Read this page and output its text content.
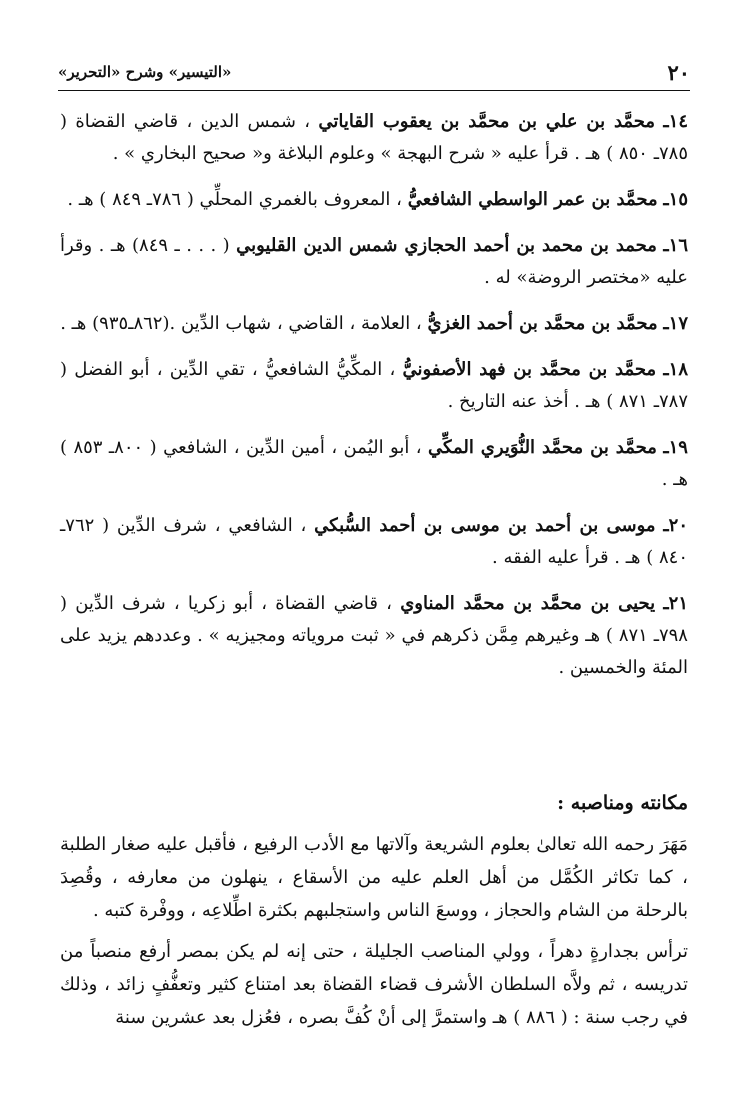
٢٠
«التيسير» وشرح «التحرير»

١٤ـ محمَّد بن علي بن محمَّد بن يعقوب القاياتي ، شمس الدين ، قاضي القضاة ( ٧٨٥ـ ٨٥٠ ) هـ . قرأ عليه « شرح البهجة » وعلوم البلاغة و« صحيح البخاري » .

١٥ـ محمَّد بن عمر الواسطي الشافعيُّ ، المعروف بالغمري المحلِّي ( ٧٨٦ـ ٨٤٩ ) هـ .

١٦ـ محمد بن محمد بن أحمد الحجازي شمس الدين القليوبي ( . . . ـ ٨٤٩) هـ . وقرأ عليه «مختصر الروضة» له .

١٧ـ محمَّد بن محمَّد بن أحمد الغزيُّ ، العلامة ، القاضي ، شهاب الدِّين .(٨٦٢ـ٩٣٥) هـ .

١٨ـ محمَّد بن محمَّد بن فهد الأصفونيُّ ، المكِّيُّ الشافعيُّ ، تقي الدِّين ، أبو الفضل ( ٧٨٧ـ ٨٧١ ) هـ . أخذ عنه التاريخ .

١٩ـ محمَّد بن محمَّد النُّوَيري المكِّي ، أبو اليُمن ، أمين الدِّين ، الشافعي ( ٨٠٠ـ ٨٥٣ ) هـ .

٢٠ـ موسى بن أحمد بن موسى بن أحمد السُّبكي ، الشافعي ، شرف الدِّين ( ٧٦٢ـ ٨٤٠ ) هـ . قرأ عليه الفقه .

٢١ـ يحيى بن محمَّد بن محمَّد المناوي ، قاضي القضاة ، أبو زكريا ، شرف الدِّين ( ٧٩٨ـ ٨٧١ ) هـ وغيرهم مِمَّن ذكرهم في « ثبت مروياته ومجيزيه » . وعددهم يزيد على المئة والخمسين .

مكانته ومناصبه :

مَهَرَ رحمه الله تعالىٰ بعلوم الشريعة وآلاتها مع الأدب الرفيع ، فأقبل عليه صغار الطلبة ، كما تكاثر الكُمَّل من أهل العلم عليه من الأسقاع ، ينهلون من معارفه ، وقُصِدَ بالرحلة من الشام والحجاز ، ووسعَ الناس واستجلبهم بكثرة اطِّلاعِه ، ووفْرة كتبه .

ترأس بجدارةٍ دهراً ، وولي المناصب الجليلة ، حتى إنه لم يكن بمصر أرفع منصباً من تدريسه ، ثم ولاَّه السلطان الأشرف قضاء القضاة بعد امتناع كثير وتعفُّفٍ زائد ، وذلك في رجب سنة : ( ٨٨٦ ) هـ واستمرَّ إلى أنْ كُفَّ بصره ، فعُزل بعد عشرين سنة
